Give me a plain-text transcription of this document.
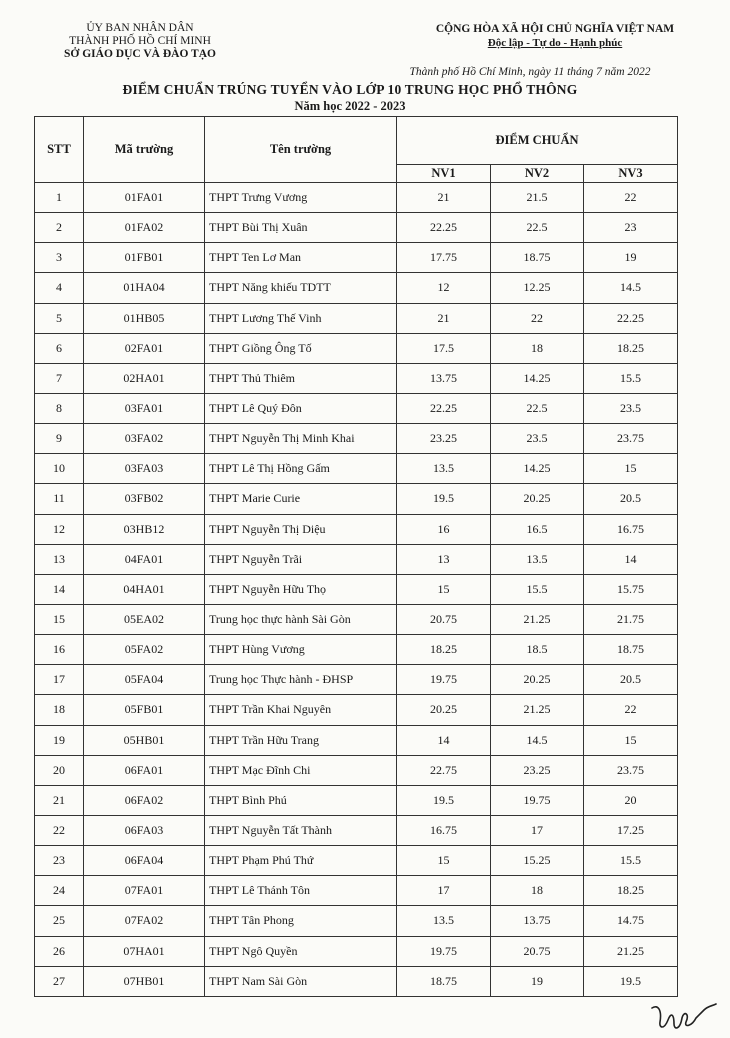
ỦY BAN NHÂN DÂN
THÀNH PHỐ HỒ CHÍ MINH
SỞ GIÁO DỤC VÀ ĐÀO TẠO
CỘNG HÒA XÃ HỘI CHỦ NGHĨA VIỆT NAM
Độc lập - Tự do - Hạnh phúc
Thành phố Hồ Chí Minh, ngày 11 tháng 7 năm 2022
ĐIỂM CHUẨN TRÚNG TUYỂN VÀO LỚP 10 TRUNG HỌC PHỔ THÔNG
Năm học 2022 - 2023
STT	Mã trường	Tên trường	ĐIỂM CHUẨN		
			NV1	NV2	NV3
1	01FA01	THPT Trưng Vương	21	21.5	22
2	01FA02	THPT Bùi Thị Xuân	22.25	22.5	23
3	01FB01	THPT Ten Lơ Man	17.75	18.75	19
4	01HA04	THPT Năng khiếu TDTT	12	12.25	14.5
5	01HB05	THPT Lương Thế Vinh	21	22	22.25
6	02FA01	THPT Giồng Ông Tố	17.5	18	18.25
7	02HA01	THPT Thủ Thiêm	13.75	14.25	15.5
8	03FA01	THPT Lê Quý Đôn	22.25	22.5	23.5
9	03FA02	THPT Nguyễn Thị Minh Khai	23.25	23.5	23.75
10	03FA03	THPT Lê Thị Hồng Gấm	13.5	14.25	15
11	03FB02	THPT Marie Curie	19.5	20.25	20.5
12	03HB12	THPT Nguyễn Thị Diệu	16	16.5	16.75
13	04FA01	THPT Nguyễn Trãi	13	13.5	14
14	04HA01	THPT Nguyễn Hữu Thọ	15	15.5	15.75
15	05EA02	Trung học thực hành Sài Gòn	20.75	21.25	21.75
16	05FA02	THPT Hùng Vương	18.25	18.5	18.75
17	05FA04	Trung học Thực hành - ĐHSP	19.75	20.25	20.5
18	05FB01	THPT Trần Khai Nguyên	20.25	21.25	22
19	05HB01	THPT Trần Hữu Trang	14	14.5	15
20	06FA01	THPT Mạc Đĩnh Chi	22.75	23.25	23.75
21	06FA02	THPT Bình Phú	19.5	19.75	20
22	06FA03	THPT Nguyễn Tất Thành	16.75	17	17.25
23	06FA04	THPT Phạm Phú Thứ	15	15.25	15.5
24	07FA01	THPT Lê Thánh Tôn	17	18	18.25
25	07FA02	THPT Tân Phong	13.5	13.75	14.75
26	07HA01	THPT Ngô Quyền	19.75	20.75	21.25
27	07HB01	THPT Nam Sài Gòn	18.75	19	19.5
